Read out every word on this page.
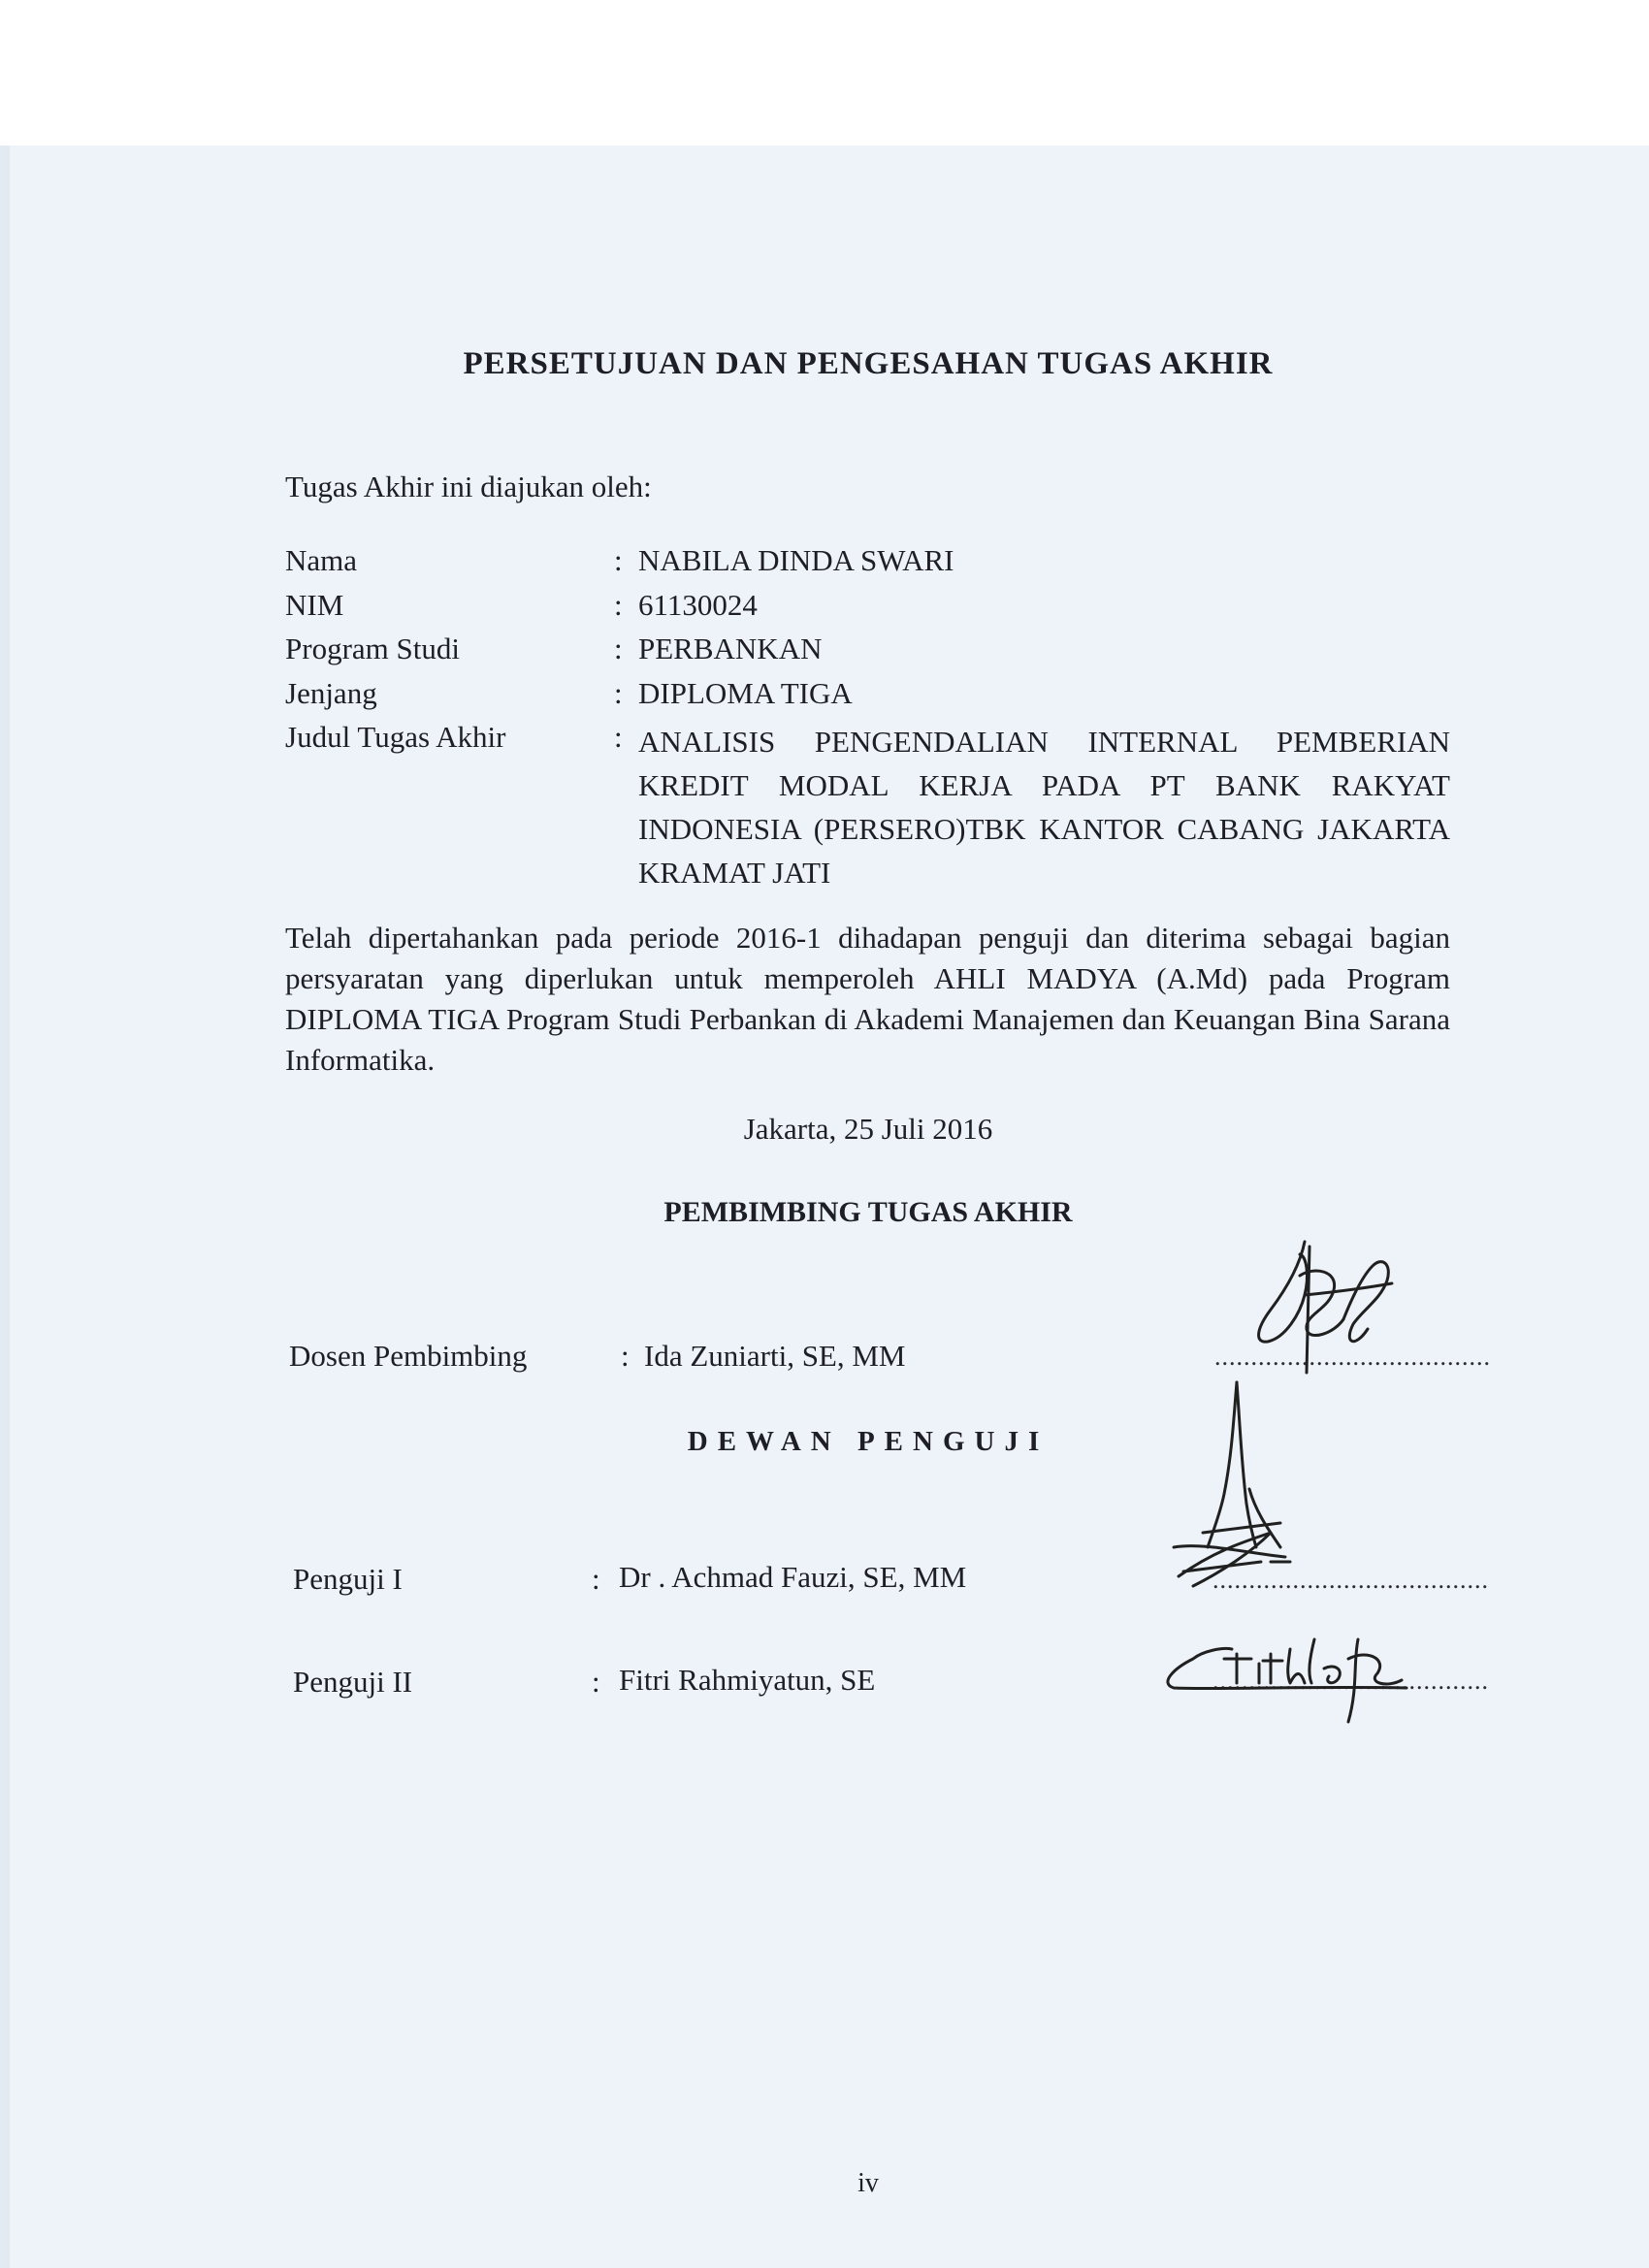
PERSETUJUAN DAN PENGESAHAN TUGAS AKHIR
Tugas Akhir ini diajukan oleh:
Nama	: NABILA DINDA SWARI
NIM	: 61130024
Program Studi	: PERBANKAN
Jenjang	: DIPLOMA TIGA
Judul Tugas Akhir	: ANALISIS PENGENDALIAN INTERNAL PEMBERIAN KREDIT MODAL KERJA PADA PT BANK RAKYAT INDONESIA (PERSERO)TBK KANTOR CABANG JAKARTA KRAMAT JATI
Telah dipertahankan pada periode 2016-1 dihadapan penguji dan diterima sebagai bagian persyaratan yang diperlukan untuk memperoleh AHLI MADYA (A.Md) pada Program DIPLOMA TIGA Program Studi Perbankan di Akademi Manajemen dan Keuangan Bina Sarana Informatika.
Jakarta, 25 Juli 2016
PEMBIMBING TUGAS AKHIR
Dosen Pembimbing	: Ida Zuniarti, SE, MM	......................................
DEWAN PENGUJI
Penguji I	: Dr . Achmad Fauzi, SE, MM	......................................
Penguji II	: Fitri Rahmiyatun, SE	......................................
iv
